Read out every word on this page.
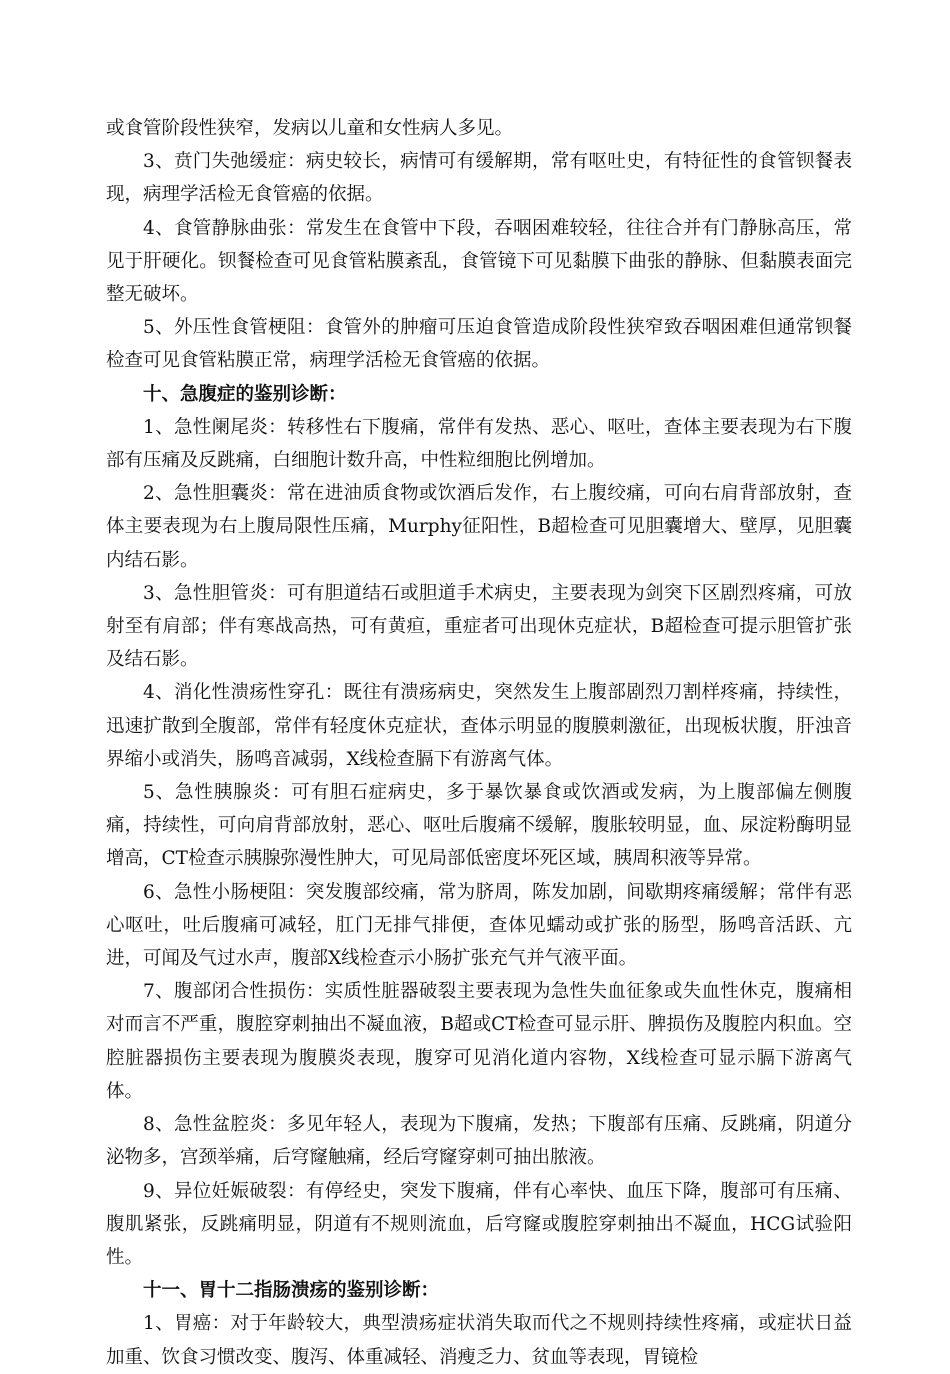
或食管阶段性狭窄，发病以儿童和女性病人多见。

3、贲门失弛缓症：病史较长，病情可有缓解期，常有呕吐史，有特征性的食管钡餐表现，病理学活检无食管癌的依据。

4、食管静脉曲张：常发生在食管中下段，吞咽困难较轻，往往合并有门静脉高压，常见于肝硬化。钡餐检查可见食管粘膜紊乱，食管镜下可见黏膜下曲张的静脉、但黏膜表面完整无破坏。

5、外压性食管梗阻：食管外的肿瘤可压迫食管造成阶段性狭窄致吞咽困难但通常钡餐检查可见食管粘膜正常，病理学活检无食管癌的依据。

十、急腹症的鉴别诊断：

1、急性阑尾炎：转移性右下腹痛，常伴有发热、恶心、呕吐，查体主要表现为右下腹部有压痛及反跳痛，白细胞计数升高，中性粒细胞比例增加。

2、急性胆囊炎：常在进油质食物或饮酒后发作，右上腹绞痛，可向右肩背部放射，查体主要表现为右上腹局限性压痛，Murphy征阳性，B超检查可见胆囊增大、壁厚，见胆囊内结石影。

3、急性胆管炎：可有胆道结石或胆道手术病史，主要表现为剑突下区剧烈疼痛，可放射至有肩部；伴有寒战高热，可有黄疸，重症者可出现休克症状，B超检查可提示胆管扩张及结石影。

4、消化性溃疡性穿孔：既往有溃疡病史，突然发生上腹部剧烈刀割样疼痛，持续性，迅速扩散到全腹部，常伴有轻度休克症状，查体示明显的腹膜刺激征，出现板状腹，肝浊音界缩小或消失，肠鸣音减弱，X线检查膈下有游离气体。

5、急性胰腺炎：可有胆石症病史，多于暴饮暴食或饮酒或发病，为上腹部偏左侧腹痛，持续性，可向肩背部放射，恶心、呕吐后腹痛不缓解，腹胀较明显，血、尿淀粉酶明显增高，CT检查示胰腺弥漫性肿大，可见局部低密度坏死区域，胰周积液等异常。

6、急性小肠梗阻：突发腹部绞痛，常为脐周，陈发加剧，间歇期疼痛缓解；常伴有恶心呕吐，吐后腹痛可减轻，肛门无排气排便，查体见蠕动或扩张的肠型，肠鸣音活跃、亢进，可闻及气过水声，腹部X线检查示小肠扩张充气并气液平面。

7、腹部闭合性损伤：实质性脏器破裂主要表现为急性失血征象或失血性休克，腹痛相对而言不严重，腹腔穿刺抽出不凝血液，B超或CT检查可显示肝、脾损伤及腹腔内积血。空腔脏器损伤主要表现为腹膜炎表现，腹穿可见消化道内容物，X线检查可显示膈下游离气体。

8、急性盆腔炎：多见年轻人，表现为下腹痛，发热；下腹部有压痛、反跳痛，阴道分泌物多，宫颈举痛，后穹窿触痛，经后穹窿穿刺可抽出脓液。

9、异位妊娠破裂：有停经史，突发下腹痛，伴有心率快、血压下降，腹部可有压痛、腹肌紧张，反跳痛明显，阴道有不规则流血，后穹窿或腹腔穿刺抽出不凝血，HCG试验阳性。

十一、胃十二指肠溃疡的鉴别诊断：

1、胃癌：对于年龄较大，典型溃疡症状消失取而代之不规则持续性疼痛，或症状日益加重、饮食习惯改变、腹泻、体重减轻、消瘦乏力、贫血等表现，胃镜检
